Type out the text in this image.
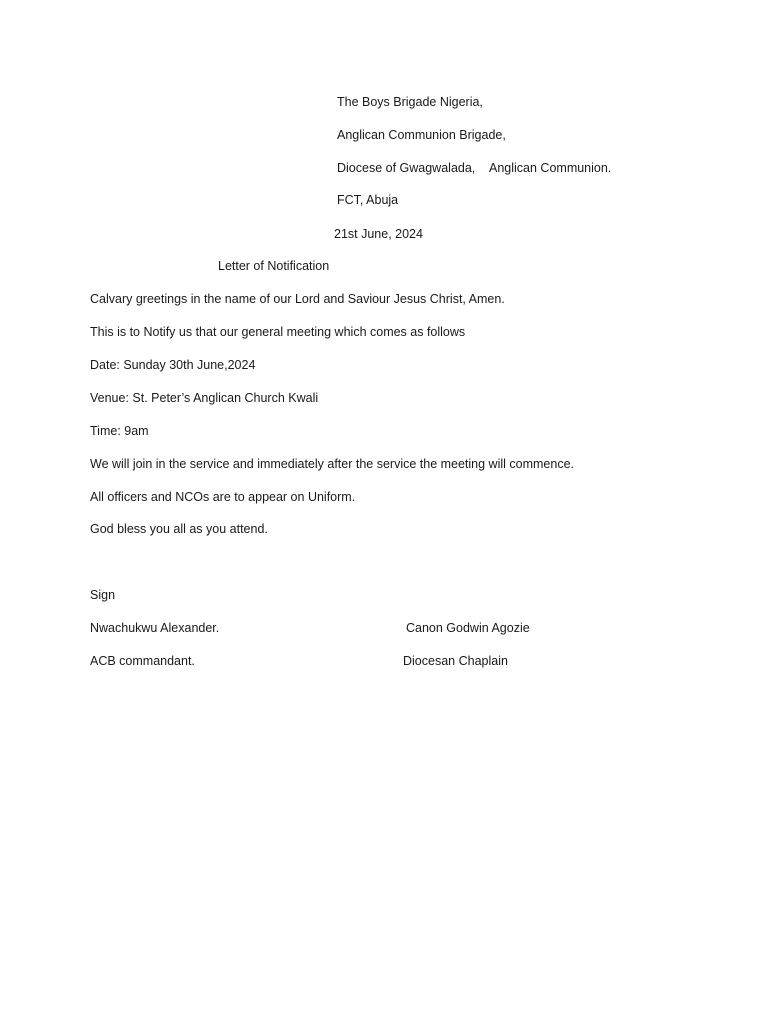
The Boys Brigade Nigeria,
Anglican Communion Brigade,
Diocese of Gwagwalada, Anglican Communion.
FCT, Abuja
21st June, 2024
Letter of Notification
Calvary greetings in the name of our Lord and Saviour Jesus Christ, Amen.
This is to Notify us that our general meeting which comes as follows
Date: Sunday 30th June,2024
Venue: St. Peter’s Anglican Church Kwali
Time: 9am
We will join in the service and immediately after the service the meeting will commence.
All officers and NCOs are to appear on Uniform.
God bless you all as you attend.
Sign
Nwachukwu Alexander.	Canon Godwin Agozie
ACB commandant.	Diocesan Chaplain
